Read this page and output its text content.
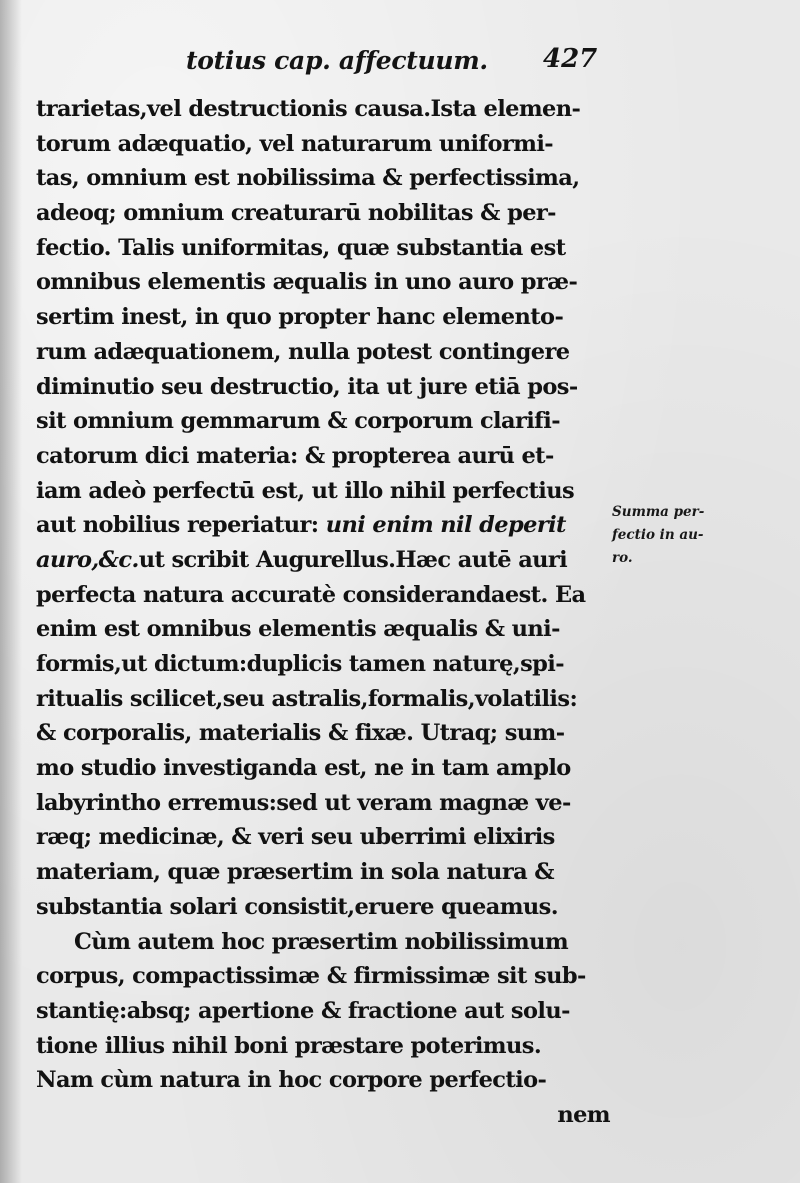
totius cap. affectuum. 427
trarietas,vel destructionis causa.Ista elemen-
torum adæquatio, vel naturarum uniformi-
tas, omnium est nobilissima & perfectissima,
adeoq; omnium creaturarū nobilitas & per-
fectio. Talis uniformitas, quæ substantia est
omnibus elementis æqualis in uno auro præ-
sertim inest, in quo propter hanc elemento-
rum adæquationem, nulla potest contingere
diminutio seu destructio, ita ut jure etiā pos-
sit omnium gemmarum & corporum clarifi-
catorum dici materia: & propterea aurū et-
iam adeò perfectū est, ut illo nihil perfectius
aut nobilius reperiatur: uni enim nil deperit
auro,&c.ut scribit Augurellus.Hæc autē auri
perfecta natura accuratè considerandaest. Ea
enim est omnibus elementis æqualis & uni-
formis,ut dictum:duplicis tamen naturę,spi-
ritualis scilicet,seu astralis,formalis,volatilis:
& corporalis, materialis & fixæ. Utraq; sum-
mo studio investiganda est, ne in tam amplo
labyrintho erremus:sed ut veram magnæ ve-
ræq; medicinæ, & veri seu uberrimi elixiris
materiam, quæ præsertim in sola natura &
substantia solari consistit,eruere queamus.
Cùm autem hoc præsertim nobilissimum
corpus, compactissimæ & firmissimæ sit sub-
stantię:absq; apertione & fractione aut solu-
tione illius nihil boni præstare poterimus.
Nam cùm natura in hoc corpore perfectio-
nem
Summa per-
fectio in au-
ro.
